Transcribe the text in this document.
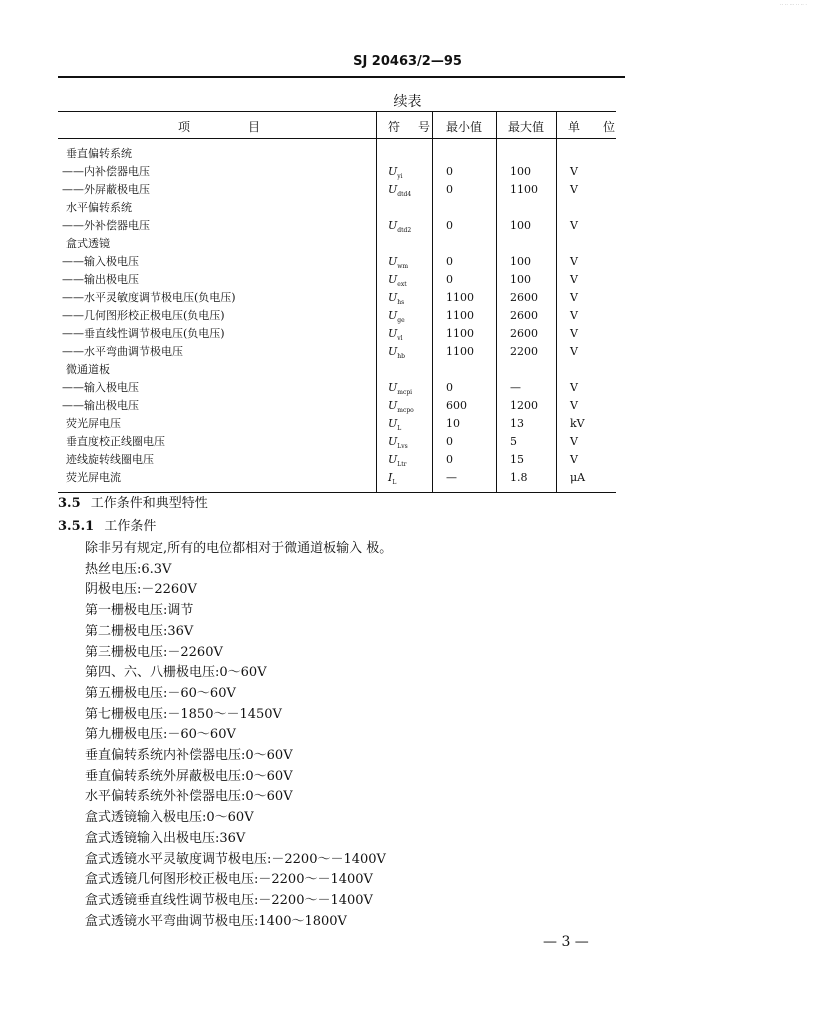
·· ·· ··· ·· ·· ·
SJ 20463/2—95
续表
项	目	符 号 最小值 最大值 单 位
垂直偏转系统
——内补偿器电压	$U_{yi}$	0	100	V
——外屏蔽极电压	$U_{dtd4}$	0	1100	V
水平偏转系统
——外补偿器电压	$U_{dtd2}$	0	100	V
盒式透镜
——输入极电压	$U_{wm}$	0	100	V
——输出极电压	$U_{ext}$	0	100	V
——水平灵敏度调节极电压(负电压)	$U_{hs}$	1100	2600	V
——几何图形校正极电压(负电压)	$U_{ge}$	1100	2600	V
——垂直线性调节极电压(负电压)	$U_{vl}$	1100	2600	V
——水平弯曲调节极电压	$U_{hb}$	1100	2200	V
微通道板
——输入极电压	$U_{mcpi}$	0	—	V
——输出极电压	$U_{mcpo}$	600	1200	V
荧光屏电压	$U_L$	10	13	kV
垂直度校正线圈电压	$U_{Lvs}$	0	5	V
迹线旋转线圈电压	$U_{Ltr}$	0	15	V
荧光屏电流	$I_L$	—	1.8	μA
3.5 工作条件和典型特性
3.5.1 工作条件
除非另有规定,所有的电位都相对于微通道板输入 极。
热丝电压:6.3V
阴极电压:－2260V
第一栅极电压:调节
第二栅极电压:36V
第三栅极电压:－2260V
第四、六、八栅极电压:0～60V
第五栅极电压:－60～60V
第七栅极电压:－1850～－1450V
第九栅极电压:－60～60V
垂直偏转系统内补偿器电压:0～60V
垂直偏转系统外屏蔽极电压:0～60V
水平偏转系统外补偿器电压:0～60V
盒式透镜输入极电压:0～60V
盒式透镜输入出极电压:36V
盒式透镜水平灵敏度调节极电压:－2200～－1400V
盒式透镜几何图形校正极电压:－2200～－1400V
盒式透镜垂直线性调节极电压:－2200～－1400V
盒式透镜水平弯曲调节极电压:1400～1800V
— 3 —
